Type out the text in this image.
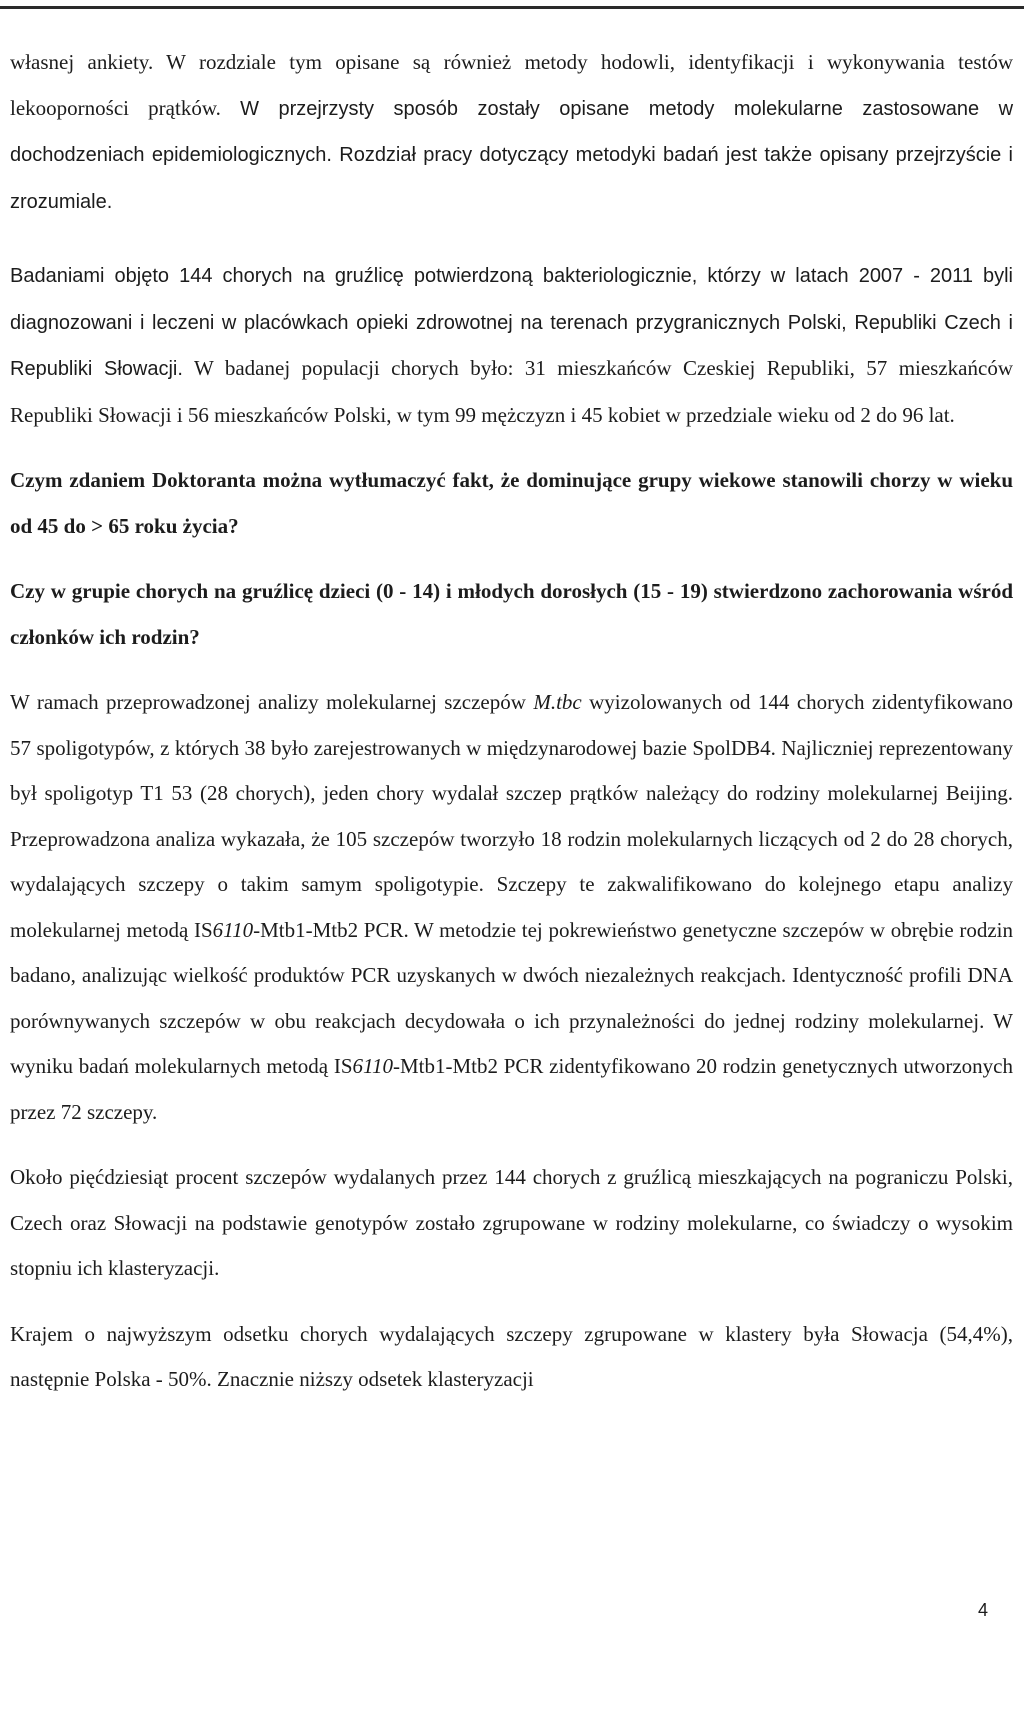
własnej ankiety. W rozdziale tym opisane są również metody hodowli, identyfikacji i wykonywania testów lekooporności prątków. W przejrzysty sposób zostały opisane metody molekularne zastosowane w dochodzeniach epidemiologicznych. Rozdział pracy dotyczący metodyki badań jest także opisany przejrzyście i zrozumiale.

Badaniami objęto 144 chorych na gruźlicę potwierdzoną bakteriologicznie, którzy w latach 2007 - 2011 byli diagnozowani i leczeni w placówkach opieki zdrowotnej na terenach przygranicznych Polski, Republiki Czech i Republiki Słowacji. W badanej populacji chorych było: 31 mieszkańców Czeskiej Republiki, 57 mieszkańców Republiki Słowacji i 56 mieszkańców Polski, w tym 99 mężczyzn i 45 kobiet w przedziale wieku od 2 do 96 lat.

Czym zdaniem Doktoranta można wytłumaczyć fakt, że dominujące grupy wiekowe stanowili chorzy w wieku od 45 do > 65 roku życia?

Czy w grupie chorych na gruźlicę dzieci (0 - 14) i młodych dorosłych (15 - 19) stwierdzono zachorowania wśród członków ich rodzin?

W ramach przeprowadzonej analizy molekularnej szczepów M.tbc wyizolowanych od 144 chorych zidentyfikowano 57 spoligotypów, z których 38 było zarejestrowanych w międzynarodowej bazie SpolDB4. Najliczniej reprezentowany był spoligotyp T1 53 (28 chorych), jeden chory wydalał szczep prątków należący do rodziny molekularnej Beijing. Przeprowadzona analiza wykazała, że 105 szczepów tworzyło 18 rodzin molekularnych liczących od 2 do 28 chorych, wydalających szczepy o takim samym spoligotypie. Szczepy te zakwalifikowano do kolejnego etapu analizy molekularnej metodą IS6110-Mtb1-Mtb2 PCR. W metodzie tej pokrewieństwo genetyczne szczepów w obrębie rodzin badano, analizując wielkość produktów PCR uzyskanych w dwóch niezależnych reakcjach. Identyczność profili DNA porównywanych szczepów w obu reakcjach decydowała o ich przynależności do jednej rodziny molekularnej. W wyniku badań molekularnych metodą IS6110-Mtb1-Mtb2 PCR zidentyfikowano 20 rodzin genetycznych utworzonych przez 72 szczepy.

Około pięćdziesiąt procent szczepów wydalanych przez 144 chorych z gruźlicą mieszkających na pograniczu Polski, Czech oraz Słowacji na podstawie genotypów zostało zgrupowane w rodziny molekularne, co świadczy o wysokim stopniu ich klasteryzacji.

Krajem o najwyższym odsetku chorych wydalających szczepy zgrupowane w klastery była Słowacja (54,4%), następnie Polska - 50%. Znacznie niższy odsetek klasteryzacji

4
